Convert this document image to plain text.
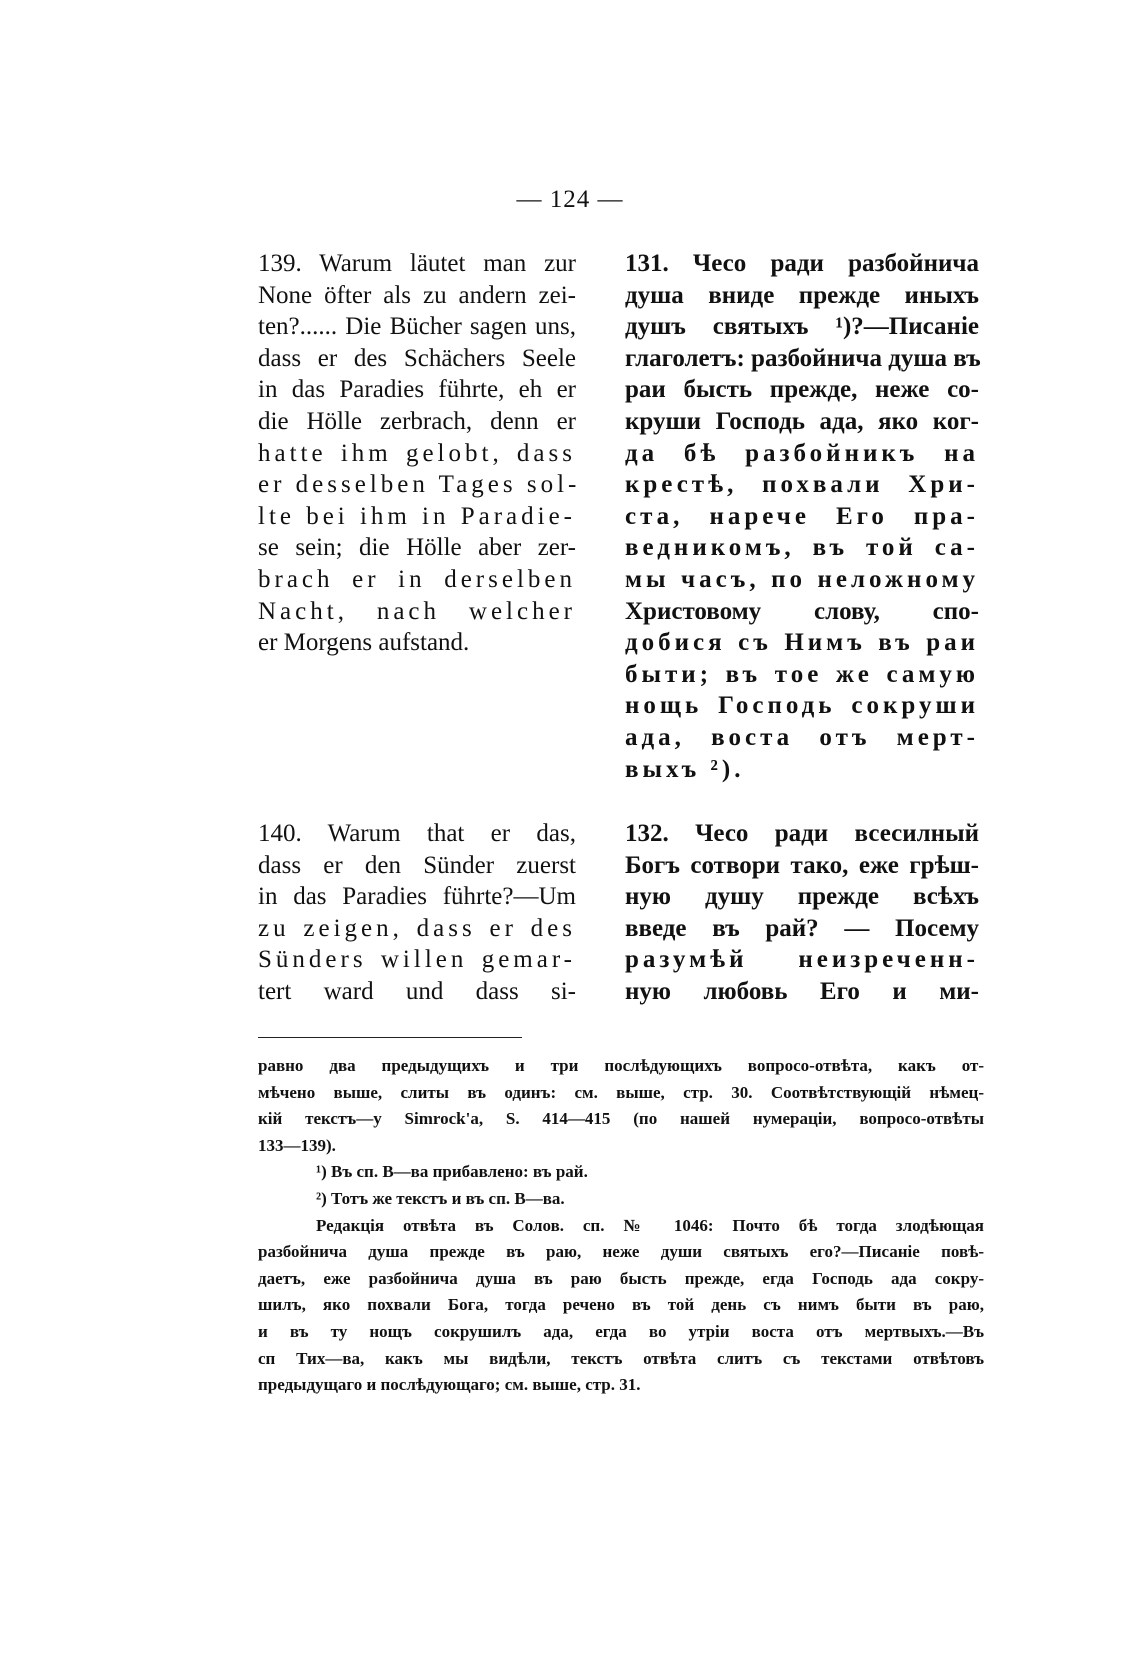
— 124 —
139. Warum läutet man zur
None öfter als zu andern zei-
ten?...... Die Bücher sagen uns,
dass er des Schächers Seele
in das Paradies führte, eh er
die Hölle zerbrach, denn er
hatte ihm gelobt, dass
er desselben Tages sol-
lte bei ihm in Paradie-
se sein; die Hölle aber zer-
brach er in derselben
Nacht, nach welcher
er Morgens aufstand.
131. Чесо ради разбойнича
душа вниде прежде иныхъ
душъ святыхъ ¹)?—Писаніе
глаголетъ: разбойнича душа въ
раи бысть прежде, неже со-
круши Господь ада, яко ког-
да бѣ разбойникъ на
крестѣ, похвали Хри-
ста, нарече Его пра-
ведникомъ, въ той са-
мы часъ, по неложному
Христовому слову, спо-
добися съ Нимъ въ раи
быти; въ тое же самую
нощь Господь сокруши
ада, воста отъ мерт-
выхъ ²).
140. Warum that er das,
dass er den Sünder zuerst
in das Paradies führte?—Um
zu zeigen, dass er des
Sünders willen gemar-
tert ward und dass si-
132. Чесо ради всесилный
Богъ сотвори тако, еже грѣш-
ную душу прежде всѣхъ
введе въ рай? — Посему
разумѣй неизреченн-
ную любовь Его и ми-
равно два предыдущихъ и три послѣдующихъ вопросо-отвѣта, какъ от-
мѣчено выше, слиты въ одинъ: см. выше, стр. 30. Соотвѣтствующій нѣмец-
кій текстъ—у Simrock'a, S. 414—415 (по нашей нумераціи, вопросо-отвѣты
133—139).
¹) Въ сп. В—ва прибавлено: въ рай.
²) Тотъ же текстъ и въ сп. В—ва.
Редакція отвѣта въ Солов. сп. № 1046: Почто бѣ тогда злодѣющая
разбойнича душа прежде въ раю, неже души святыхъ его?—Писаніе повѣ-
даетъ, еже разбойнича душа въ раю бысть прежде, егда Господь ада сокру-
шилъ, яко похвали Бога, тогда речено въ той день съ нимъ быти въ раю,
и въ ту нощъ сокрушилъ ада, егда во утріи воста отъ мертвыхъ.—Въ
сп Тих—ва, какъ мы видѣли, текстъ отвѣта слитъ съ текстами отвѣтовъ
предыдущаго и послѣдующаго; см. выше, стр. 31.
